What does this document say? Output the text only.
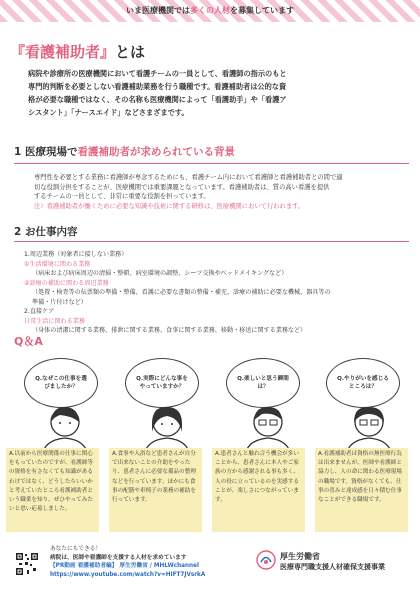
いま医療機関では多くの人材を募集しています
『看護補助者』とは
病院や診療所の医療機関において看護チームの一員として、看護師の指示のもと
専門的判断を必要としない看護補助業務を行う職種です。看護補助者は公的な資
格が必要な職種ではなく、その名称も医療機関によって「看護助手」や「看護ア
シスタント」「ナースエイド」などさまざまです。
1 医療現場で看護補助者が求められている背景
専門性を必要とする業務に看護師が専念するためにも、看護チーム内において看護師と看護補助者との間で適
切な役割分担をすることが、医療機関では重要課題となっています。看護補助者は、質の高い看護を提供
するチームの一員として、非常に重要な役割を担っています。
注）看護補助者が働くために必要な知識や技術に関する研修は、医療機関において行われます。
2 お仕事内容
1.周辺業務（対象者に接しない業務）
①生活環境に関わる業務
（病床および病床周辺の清掃・整頓、病室環境の調整、シーツ交換やベッドメイキングなど）
②診療の補助に関わる周辺業務
（処置・検査等の伝票類の準備・整備、看護に必要な書類の整備・補充、診療の補助に必要な機械、器具等の
準備・片付けなど）
2.直接ケア
日常生活に関わる業務
（身体の清潔に関する業務、排泄に関する業務、食事に関する業務、移動・移送に関する業務など）
Q＆A
Q.なぜこの仕事を選びましたか？
Q.実際にどんな事をやっていますか？
Q.楽しいと思う瞬間は？
Q.やりがいを感じるところは？
A.以前から医療関係の仕事に関心をもっていたのですが、看護師等の資格を有さなくても知識があるわけではなく、どうしたらいいかと考えていたところ看護補助者という職業を知り、ぜひやってみたいと思い応募しました。
A.食事や入浴など患者さんが自分で出来ないことの介助をやったり、患者さんに必要な備品の整理などを行っています。ほかにも食事の配膳や車椅子の業務の補助を行っています。
A.患者さんと触れ合う機会が多いことから、患者さんに本人やご家族の方から感謝される事も多く、人の役に立っているのを実感することが、楽しさにつながっています。
A.看護補助者は資格の無医療行為は出来ませんが、医師や看護師と協力し、人の命に関わる医療現場の職場です。資格がなくても、仕事の喜みと達成感を日々積む仕事なことができる職場です。
あなたにもできる！
病院は、医師や看護師を支援する人材を求めています
【PR動画 看護補助者編】 厚生労働省 / MHLWchannel
https://www.youtube.com/watch?v=HIFT7JVsrkA
厚生労働省
医療専門職支援人材確保支援事業
